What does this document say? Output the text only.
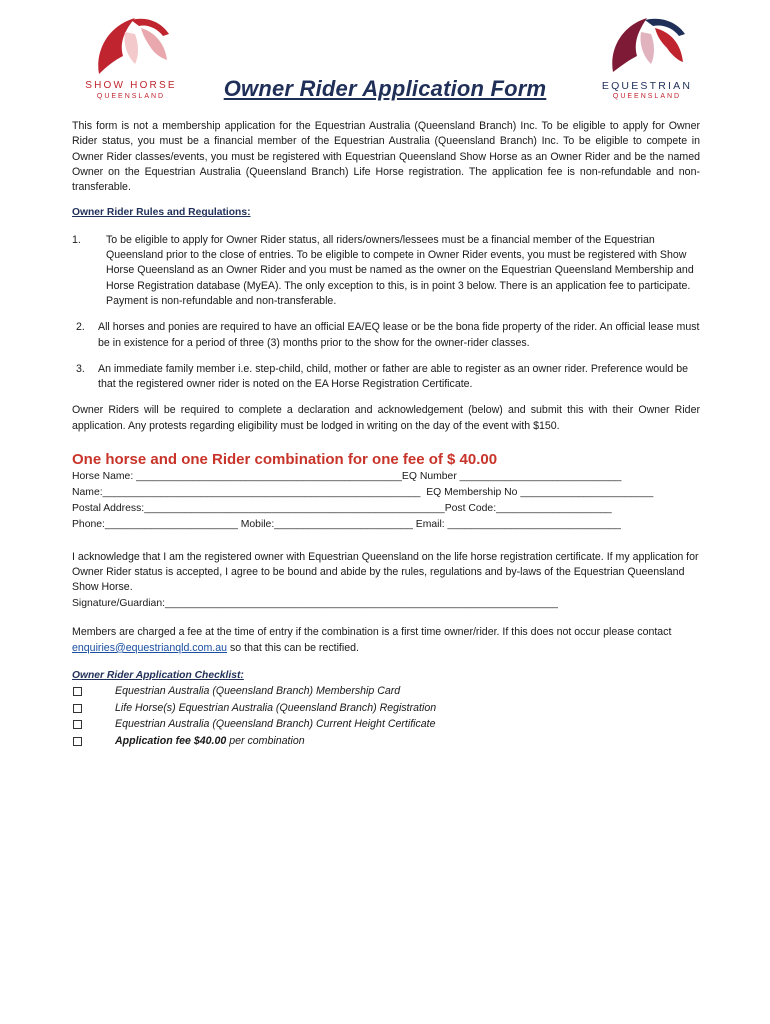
SHOW HORSE
QUEENSLAND
EQUESTRIAN
QUEENSLAND
Owner Rider Application Form

This form is not a membership application for the Equestrian Australia (Queensland Branch) Inc. To be eligible to apply for Owner Rider status, you must be a financial member of the Equestrian Australia (Queensland Branch) Inc. To be eligible to compete in Owner Rider classes/events, you must be registered with Equestrian Queensland Show Horse as an Owner Rider and be the named Owner on the Equestrian Australia (Queensland Branch) Life Horse registration. The application fee is non-refundable and non-transferable.

Owner Rider Rules and Regulations:

1. To be eligible to apply for Owner Rider status, all riders/owners/lessees must be a financial member of the Equestrian Queensland prior to the close of entries. To be eligible to compete in Owner Rider events, you must be registered with Show Horse Queensland as an Owner Rider and you must be named as the owner on the Equestrian Queensland Membership and Horse Registration database (MyEA). The only exception to this, is in point 3 below. There is an application fee to participate. Payment is non-refundable and non-transferable.
2. All horses and ponies are required to have an official EA/EQ lease or be the bona fide property of the rider. An official lease must be in existence for a period of three (3) months prior to the show for the owner-rider classes.
3. An immediate family member i.e. step-child, child, mother or father are able to register as an owner rider. Preference would be that the registered owner rider is noted on the EA Horse Registration Certificate.

Owner Riders will be required to complete a declaration and acknowledgement (below) and submit this with their Owner Rider application. Any protests regarding eligibility must be lodged in writing on the day of the event with $150.

One horse and one Rider combination for one fee of $ 40.00

Horse Name: ______________________________________________EQ Number ____________________________
Name:_______________________________________________________  EQ Membership No _______________________
Postal Address:____________________________________________________Post Code:____________________
Phone:_______________________ Mobile:________________________ Email: ______________________________

I acknowledge that I am the registered owner with Equestrian Queensland on the life horse registration certificate. If my application for Owner Rider status is accepted, I agree to be bound and abide by the rules, regulations and by-laws of the Equestrian Queensland Show Horse.

Signature/Guardian:____________________________________________________________________

Members are charged a fee at the time of entry if the combination is a first time owner/rider. If this does not occur please contact enquiries@equestrianqld.com.au so that this can be rectified.

Owner Rider Application Checklist:

Equestrian Australia (Queensland Branch) Membership Card
Life Horse(s) Equestrian Australia (Queensland Branch) Registration
Equestrian Australia (Queensland Branch) Current Height Certificate
Application fee $40.00 per combination
